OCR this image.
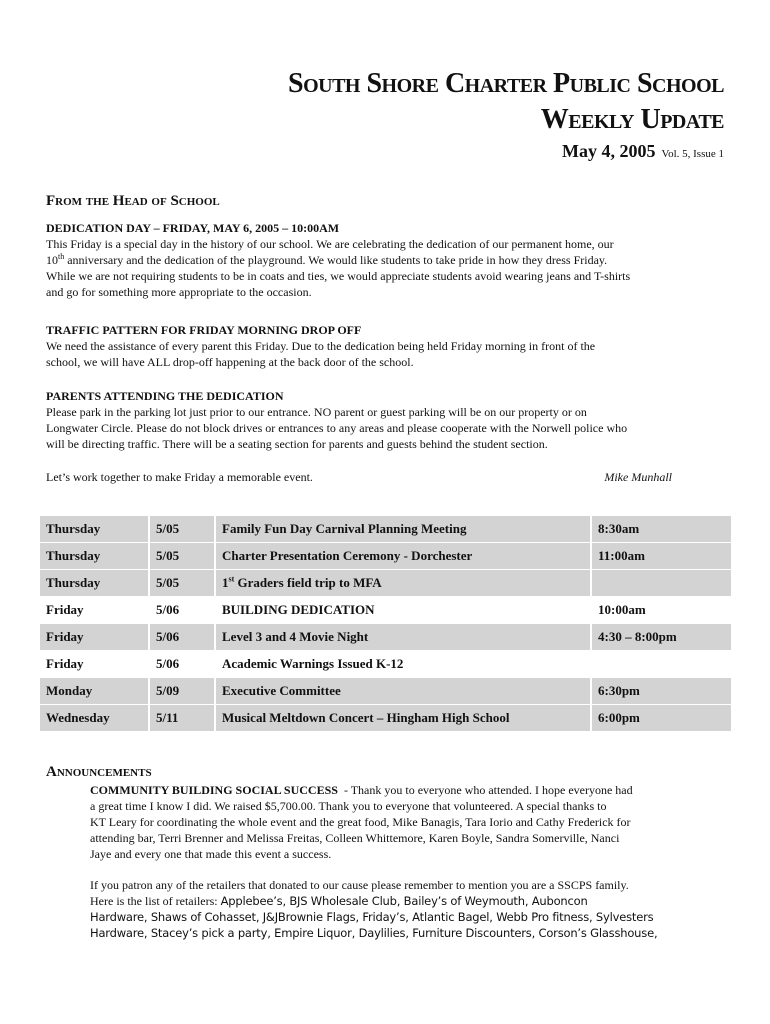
South Shore Charter Public School
Weekly Update
May 4, 2005 Vol. 5, Issue 1
From the Head of School
DEDICATION DAY – FRIDAY, MAY 6, 2005 – 10:00AM
This Friday is a special day in the history of our school. We are celebrating the dedication of our permanent home, our
10th anniversary and the dedication of the playground. We would like students to take pride in how they dress Friday.
While we are not requiring students to be in coats and ties, we would appreciate students avoid wearing jeans and T-shirts
and go for something more appropriate to the occasion.
TRAFFIC PATTERN FOR FRIDAY MORNING DROP OFF
We need the assistance of every parent this Friday. Due to the dedication being held Friday morning in front of the
school, we will have ALL drop-off happening at the back door of the school.
PARENTS ATTENDING THE DEDICATION
Please park in the parking lot just prior to our entrance. NO parent or guest parking will be on our property or on
Longwater Circle. Please do not block drives or entrances to any areas and please cooperate with the Norwell police who
will be directing traffic. There will be a seating section for parents and guests behind the student section.
Let’s work together to make Friday a memorable event.	Mike Munhall
Thursday	5/05	Family Fun Day Carnival Planning Meeting	8:30am
Thursday	5/05	Charter Presentation Ceremony - Dorchester	11:00am
Thursday	5/05	1st Graders field trip to MFA	
Friday	5/06	BUILDING DEDICATION	10:00am
Friday	5/06	Level 3 and 4 Movie Night	4:30 – 8:00pm
Friday	5/06	Academic Warnings Issued K-12	
Monday	5/09	Executive Committee	6:30pm
Wednesday	5/11	Musical Meltdown Concert – Hingham High School	6:00pm
Announcements
COMMUNITY BUILDING SOCIAL SUCCESS  - Thank you to everyone who attended. I hope everyone had
a great time I know I did. We raised $5,700.00. Thank you to everyone that volunteered. A special thanks to
KT Leary for coordinating the whole event and the great food, Mike Banagis, Tara Iorio and Cathy Frederick for
attending bar, Terri Brenner and Melissa Freitas, Colleen Whittemore, Karen Boyle, Sandra Somerville, Nanci
Jaye and every one that made this event a success.
If you patron any of the retailers that donated to our cause please remember to mention you are a SSCPS family.
Here is the list of retailers: Applebee’s, BJS Wholesale Club, Bailey’s of Weymouth, Auboncon
Hardware, Shaws of Cohasset, J&JBrownie Flags, Friday’s, Atlantic Bagel, Webb Pro fitness, Sylvesters
Hardware, Stacey’s pick a party, Empire Liquor, Daylilies, Furniture Discounters, Corson’s Glasshouse,
